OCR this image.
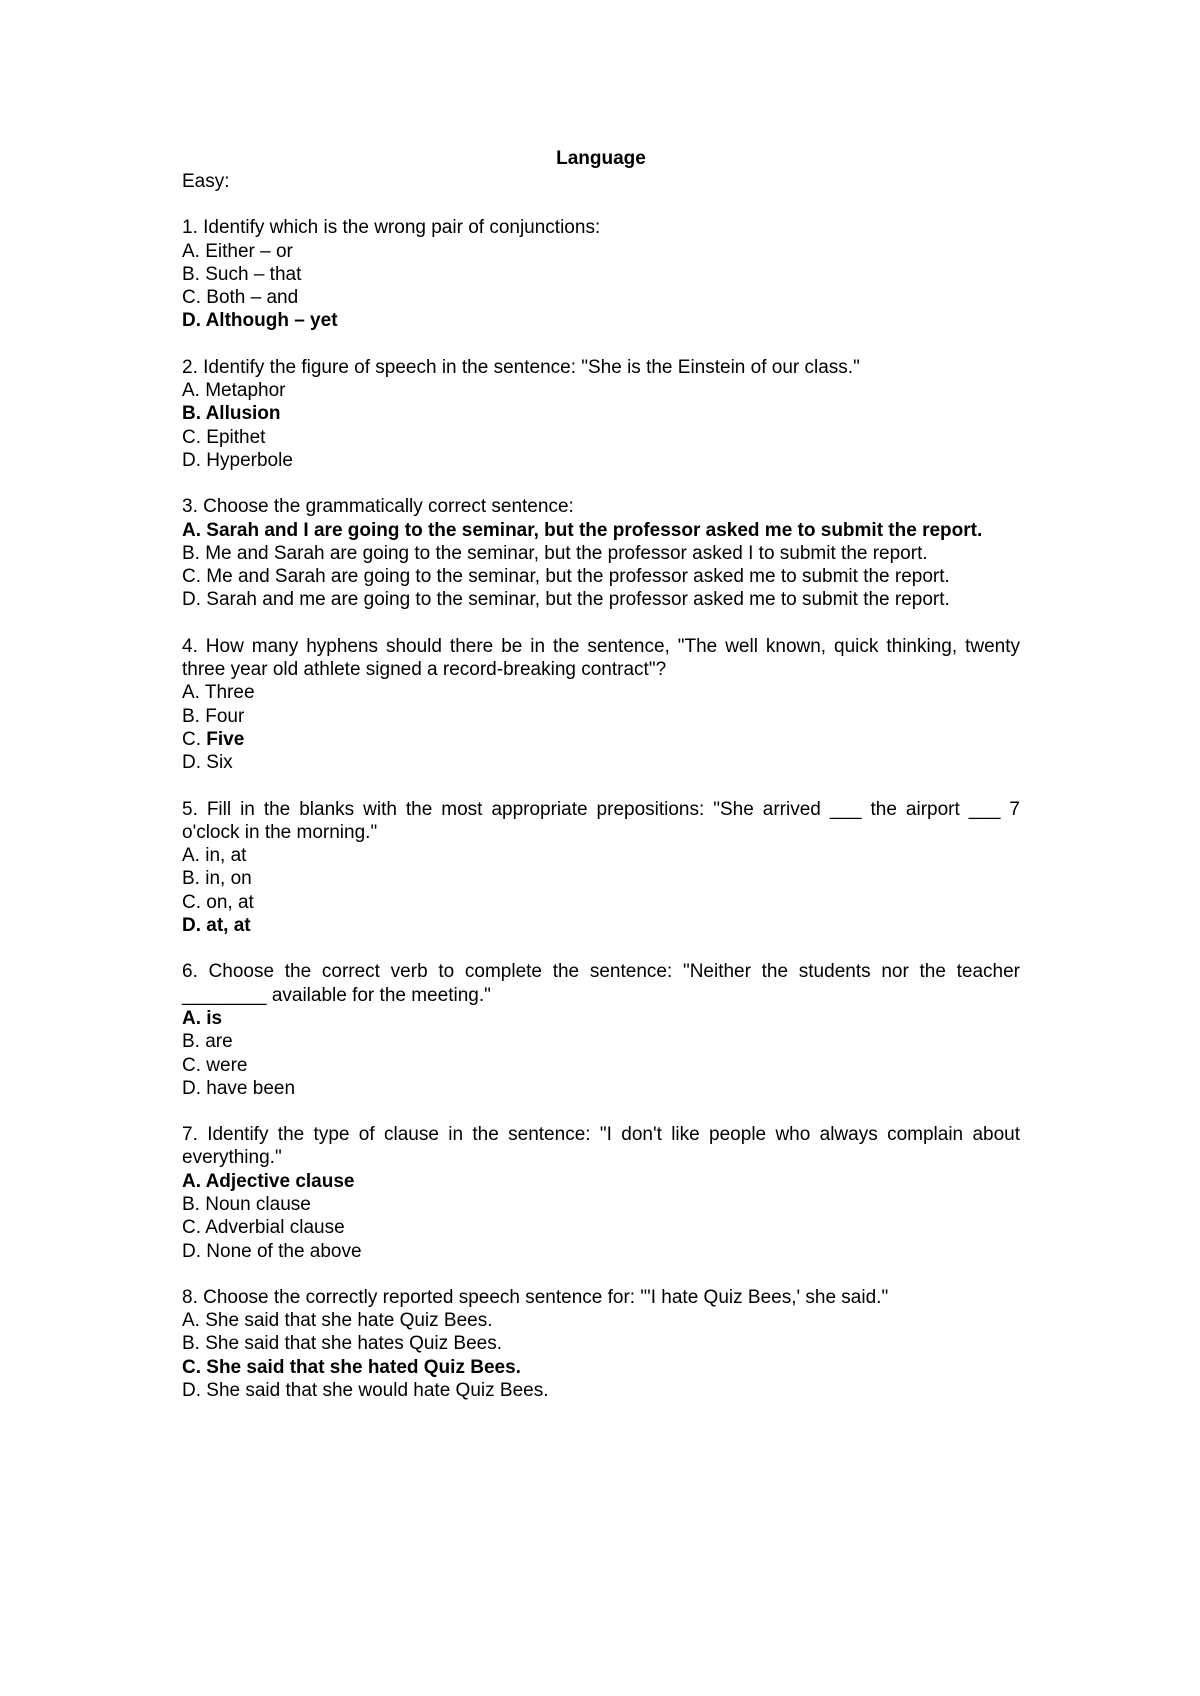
Language

Easy:

1. Identify which is the wrong pair of conjunctions:

A. Either – or

B. Such – that

C. Both – and

D. Although – yet

2. Identify the figure of speech in the sentence: "She is the Einstein of our class."

A. Metaphor

B. Allusion

C. Epithet

D. Hyperbole

3. Choose the grammatically correct sentence:

A. Sarah and I are going to the seminar, but the professor asked me to submit the report.

B. Me and Sarah are going to the seminar, but the professor asked I to submit the report.

C. Me and Sarah are going to the seminar, but the professor asked me to submit the report.

D. Sarah and me are going to the seminar, but the professor asked me to submit the report.

4. How many hyphens should there be in the sentence, "The well known, quick thinking, twenty three year old athlete signed a record-breaking contract"?

A. Three

B. Four

C. Five

D. Six

5. Fill in the blanks with the most appropriate prepositions: "She arrived ___ the airport ___ 7 o'clock in the morning."

A. in, at

B. in, on

C. on, at

D. at, at

6. Choose the correct verb to complete the sentence: "Neither the students nor the teacher ________ available for the meeting."

A. is

B. are

C. were

D. have been

7. Identify the type of clause in the sentence: "I don't like people who always complain about everything."

A. Adjective clause

B. Noun clause

C. Adverbial clause

D. None of the above

8. Choose the correctly reported speech sentence for: "'I hate Quiz Bees,' she said."

A. She said that she hate Quiz Bees.

B. She said that she hates Quiz Bees.

C. She said that she hated Quiz Bees.

D. She said that she would hate Quiz Bees.
